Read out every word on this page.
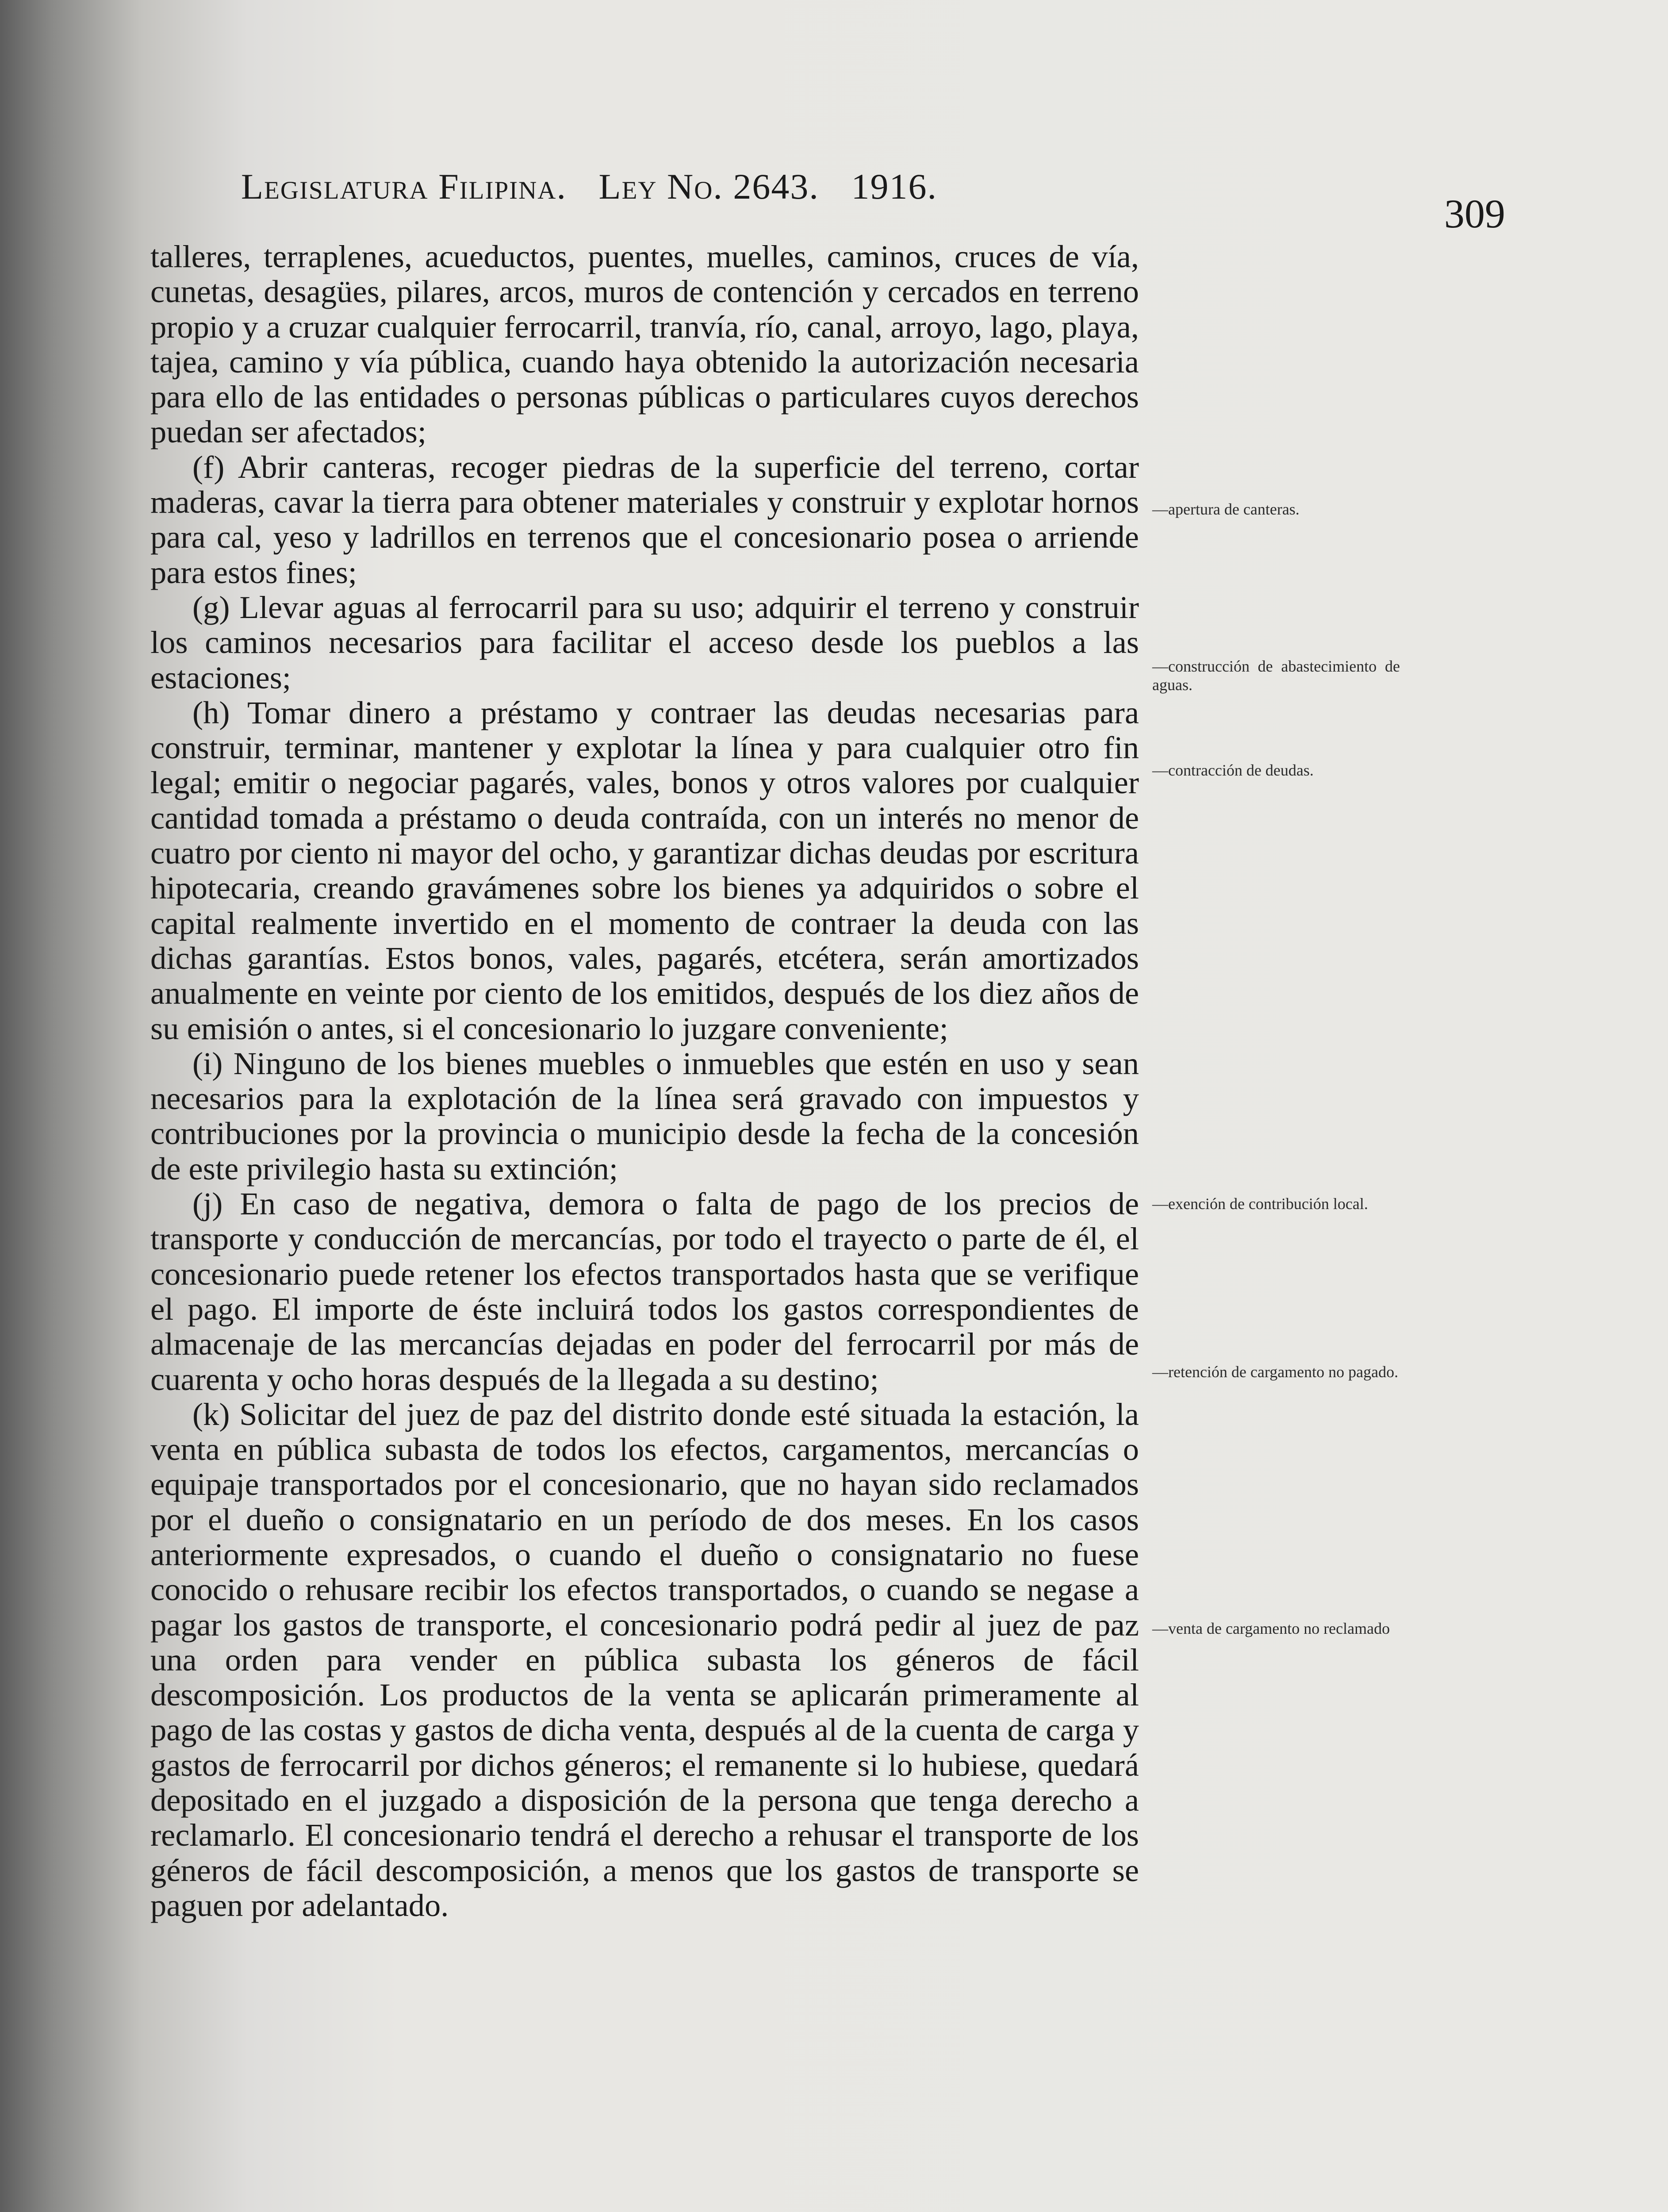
Legislatura Filipina. Ley No. 2643. 1916.
309

talleres, terraplenes, acueductos, puentes, muelles, caminos, cruces de vía, cunetas, desagües, pilares, arcos, muros de contención y cercados en terreno propio y a cruzar cualquier ferrocarril, tranvía, río, canal, arroyo, lago, playa, tajea, camino y vía pública, cuando haya obtenido la autorización necesaria para ello de las entidades o personas públicas o particulares cuyos derechos puedan ser afectados;

(f) Abrir canteras, recoger piedras de la superficie del terreno, cortar maderas, cavar la tierra para obtener materiales y construir y explotar hornos para cal, yeso y ladrillos en terrenos que el concesionario posea o arriende para estos fines;

(g) Llevar aguas al ferrocarril para su uso; adquirir el terreno y construir los caminos necesarios para facilitar el acceso desde los pueblos a las estaciones;

(h) Tomar dinero a préstamo y contraer las deudas necesarias para construir, terminar, mantener y explotar la línea y para cualquier otro fin legal; emitir o negociar pagarés, vales, bonos y otros valores por cualquier cantidad tomada a préstamo o deuda contraída, con un interés no menor de cuatro por ciento ni mayor del ocho, y garantizar dichas deudas por escritura hipotecaria, creando gravámenes sobre los bienes ya adquiridos o sobre el capital realmente invertido en el momento de contraer la deuda con las dichas garantías. Estos bonos, vales, pagarés, etcétera, serán amortizados anualmente en veinte por ciento de los emitidos, después de los diez años de su emisión o antes, si el concesionario lo juzgare conveniente;

(i) Ninguno de los bienes muebles o inmuebles que estén en uso y sean necesarios para la explotación de la línea será gravado con impuestos y contribuciones por la provincia o municipio desde la fecha de la concesión de este privilegio hasta su extinción;

(j) En caso de negativa, demora o falta de pago de los precios de transporte y conducción de mercancías, por todo el trayecto o parte de él, el concesionario puede retener los efectos transportados hasta que se verifique el pago. El importe de éste incluirá todos los gastos correspondientes de almacenaje de las mercancías dejadas en poder del ferrocarril por más de cuarenta y ocho horas después de la llegada a su destino;

(k) Solicitar del juez de paz del distrito donde esté situada la estación, la venta en pública subasta de todos los efectos, cargamentos, mercancías o equipaje transportados por el concesionario, que no hayan sido reclamados por el dueño o consignatario en un período de dos meses. En los casos anteriormente expresados, o cuando el dueño o consignatario no fuese conocido o rehusare recibir los efectos transportados, o cuando se negase a pagar los gastos de transporte, el concesionario podrá pedir al juez de paz una orden para vender en pública subasta los géneros de fácil descomposición. Los productos de la venta se aplicarán primeramente al pago de las costas y gastos de dicha venta, después al de la cuenta de carga y gastos de ferrocarril por dichos géneros; el remanente si lo hubiese, quedará depositado en el juzgado a disposición de la persona que tenga derecho a reclamarlo. El concesionario tendrá el derecho a rehusar el transporte de los géneros de fácil descomposición, a menos que los gastos de transporte se paguen por adelantado.

—apertura de canteras.
—construcción de abastecimiento de aguas.
—contracción de deudas.
—exención de contribución local.
—retención de cargamento no pagado.
—venta de cargamento no reclamado
